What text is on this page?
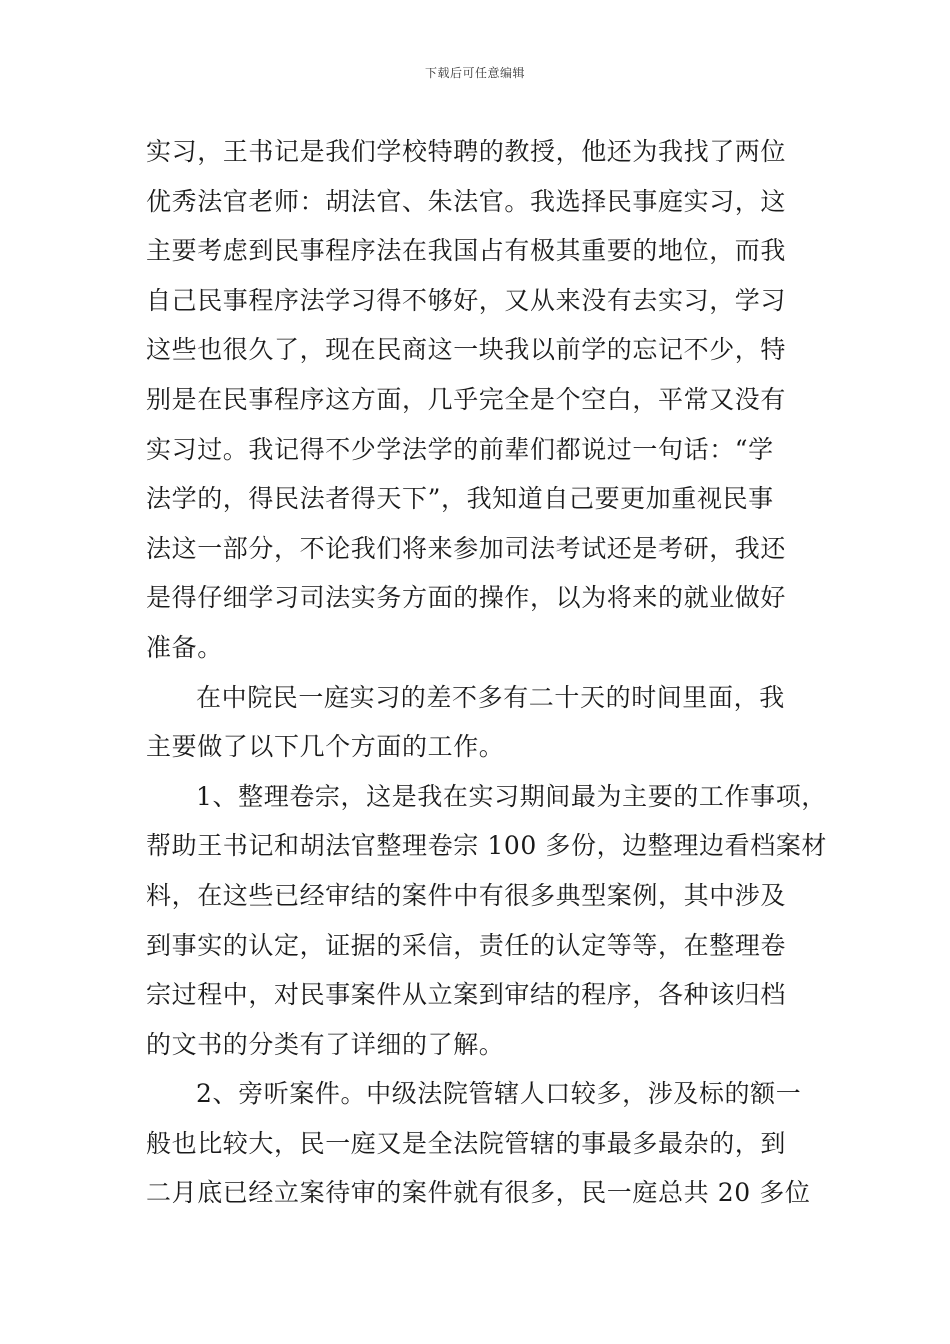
下载后可任意编辑
实习，王书记是我们学校特聘的教授，他还为我找了两位
优秀法官老师：胡法官、朱法官。我选择民事庭实习，这
主要考虑到民事程序法在我国占有极其重要的地位，而我
自己民事程序法学习得不够好，又从来没有去实习，学习
这些也很久了，现在民商这一块我以前学的忘记不少，特
别是在民事程序这方面，几乎完全是个空白，平常又没有
实习过。我记得不少学法学的前辈们都说过一句话：“学
法学的，得民法者得天下”，我知道自己要更加重视民事
法这一部分，不论我们将来参加司法考试还是考研，我还
是得仔细学习司法实务方面的操作，以为将来的就业做好
准备。
在中院民一庭实习的差不多有二十天的时间里面，我
主要做了以下几个方面的工作。
1、整理卷宗，这是我在实习期间最为主要的工作事项，
帮助王书记和胡法官整理卷宗 100 多份，边整理边看档案材
料，在这些已经审结的案件中有很多典型案例，其中涉及
到事实的认定，证据的采信，责任的认定等等，在整理卷
宗过程中，对民事案件从立案到审结的程序，各种该归档
的文书的分类有了详细的了解。
2、旁听案件。中级法院管辖人口较多，涉及标的额一
般也比较大，民一庭又是全法院管辖的事最多最杂的，到
二月底已经立案待审的案件就有很多，民一庭总共 20 多位
